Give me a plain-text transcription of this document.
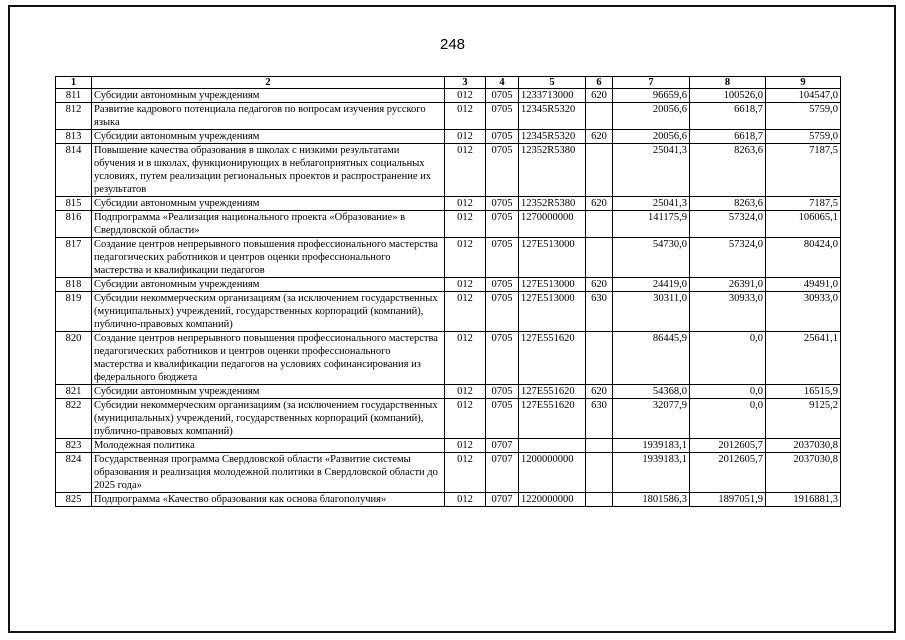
248
1	2	3	4	5	6	7	8	9
811	Субсидии автономным учреждениям	012	0705	1233713000	620	96659,6	100526,0	104547,0
812	Развитие кадрового потенциала педагогов по вопросам изучения русского языка	012	0705	12345R5320		20056,6	6618,7	5759,0
813	Субсидии автономным учреждениям	012	0705	12345R5320	620	20056,6	6618,7	5759,0
814	Повышение качества образования в школах с низкими результатами обучения и в школах, функционирующих в неблагоприятных социальных условиях, путем реализации региональных проектов и распространение их результатов	012	0705	12352R5380		25041,3	8263,6	7187,5
815	Субсидии автономным учреждениям	012	0705	12352R5380	620	25041,3	8263,6	7187,5
816	Подпрограмма «Реализация национального проекта «Образование» в Свердловской области»	012	0705	1270000000		141175,9	57324,0	106065,1
817	Создание центров непрерывного повышения профессионального мастерства педагогических работников и центров оценки профессионального мастерства и квалификации педагогов	012	0705	127E513000		54730,0	57324,0	80424,0
818	Субсидии автономным учреждениям	012	0705	127E513000	620	24419,0	26391,0	49491,0
819	Субсидии некоммерческим организациям (за исключением государственных (муниципальных) учреждений, государственных корпораций (компаний), публично-правовых компаний)	012	0705	127E513000	630	30311,0	30933,0	30933,0
820	Создание центров непрерывного повышения профессионального мастерства педагогических работников и центров оценки профессионального мастерства и квалификации педагогов на условиях софинансирования из федерального бюджета	012	0705	127E551620		86445,9	0,0	25641,1
821	Субсидии автономным учреждениям	012	0705	127E551620	620	54368,0	0,0	16515,9
822	Субсидии некоммерческим организациям (за исключением государственных (муниципальных) учреждений, государственных корпораций (компаний), публично-правовых компаний)	012	0705	127E551620	630	32077,9	0,0	9125,2
823	Молодежная политика	012	0707			1939183,1	2012605,7	2037030,8
824	Государственная программа Свердловской области «Развитие системы образования и реализация молодежной политики в Свердловской области до 2025 года»	012	0707	1200000000		1939183,1	2012605,7	2037030,8
825	Подпрограмма «Качество образования как основа благополучия»	012	0707	1220000000		1801586,3	1897051,9	1916881,3
